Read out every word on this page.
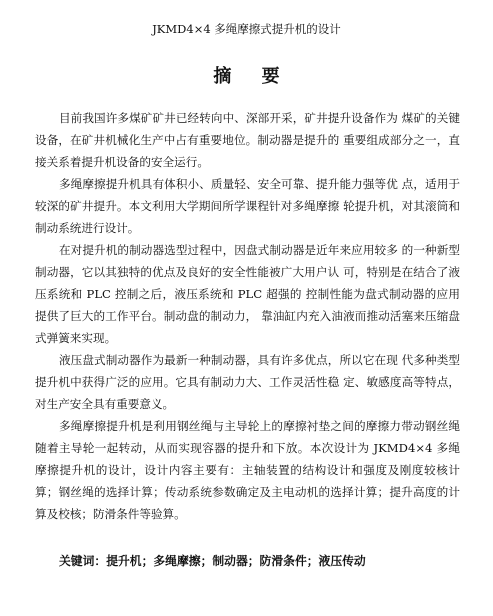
JKMD4×4 多绳摩擦式提升机的设计
摘 要

目前我国许多煤矿矿井已经转向中、深部开采，矿井提升设备作为 煤矿的关键设备，在矿井机械化生产中占有重要地位。制动器是提升的 重要组成部分之一，直接关系着提升机设备的安全运行。

多绳摩擦提升机具有体积小、质量轻、安全可靠、提升能力强等优 点，适用于较深的矿井提升。本文利用大学期间所学课程针对多绳摩擦 轮提升机，对其滚筒和制动系统进行设计。

在对提升机的制动器选型过程中，因盘式制动器是近年来应用较多 的一种新型制动器，它以其独特的优点及良好的安全性能被广大用户认 可，特别是在结合了液压系统和 PLC 控制之后，液压系统和 PLC 超强的 控制性能为盘式制动器的应用提供了巨大的工作平台。制动盘的制动力， 靠油缸内充入油液而推动活塞来压缩盘式弹簧来实现。

液压盘式制动器作为最新一种制动器，具有许多优点，所以它在现 代多种类型提升机中获得广泛的应用。它具有制动力大、工作灵活性稳 定、敏感度高等特点，对生产安全具有重要意义。

多绳摩擦提升机是利用钢丝绳与主导轮上的摩擦衬垫之间的摩擦力带动钢丝绳随着主导轮一起转动，从而实现容器的提升和下放。本次设计为 JKMD4×4 多绳摩擦提升机的设计，设计内容主要有：主轴装置的结构设计和强度及刚度较核计算；钢丝绳的选择计算；传动系统参数确定及主电动机的选择计算；提升高度的计算及校核；防滑条件等验算。

关键词：提升机；多绳摩擦；制动器；防滑条件；液压传动
